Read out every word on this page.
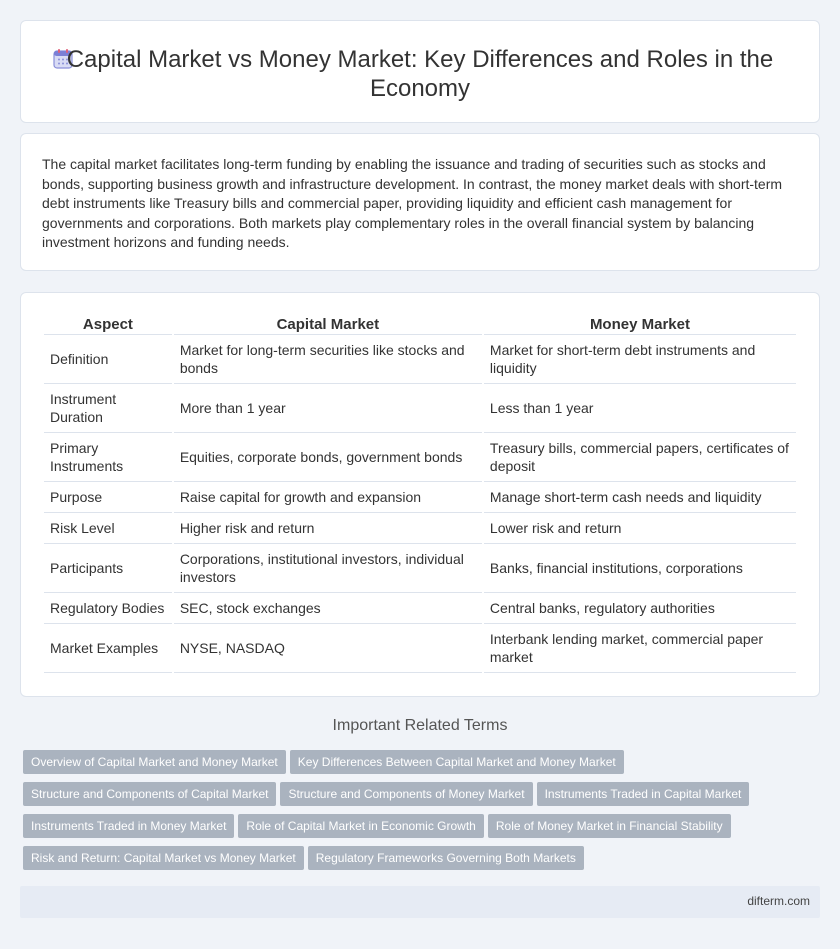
Capital Market vs Money Market: Key Differences and Roles in the Economy

The capital market facilitates long-term funding by enabling the issuance and trading of securities such as stocks and bonds, supporting business growth and infrastructure development. In contrast, the money market deals with short-term debt instruments like Treasury bills and commercial paper, providing liquidity and efficient cash management for governments and corporations. Both markets play complementary roles in the overall financial system by balancing investment horizons and funding needs.

Aspect	Capital Market	Money Market
Definition	Market for long-term securities like stocks and bonds	Market for short-term debt instruments and liquidity
Instrument Duration	More than 1 year	Less than 1 year
Primary Instruments	Equities, corporate bonds, government bonds	Treasury bills, commercial papers, certificates of deposit
Purpose	Raise capital for growth and expansion	Manage short-term cash needs and liquidity
Risk Level	Higher risk and return	Lower risk and return
Participants	Corporations, institutional investors, individual investors	Banks, financial institutions, corporations
Regulatory Bodies	SEC, stock exchanges	Central banks, regulatory authorities
Market Examples	NYSE, NASDAQ	Interbank lending market, commercial paper market
Important Related Terms
Overview of Capital Market and Money Market Key Differences Between Capital Market and Money Market
Structure and Components of Capital Market Structure and Components of Money Market Instruments Traded in Capital Market
Instruments Traded in Money Market Role of Capital Market in Economic Growth Role of Money Market in Financial Stability
Risk and Return: Capital Market vs Money Market Regulatory Frameworks Governing Both Markets
difterm.com
